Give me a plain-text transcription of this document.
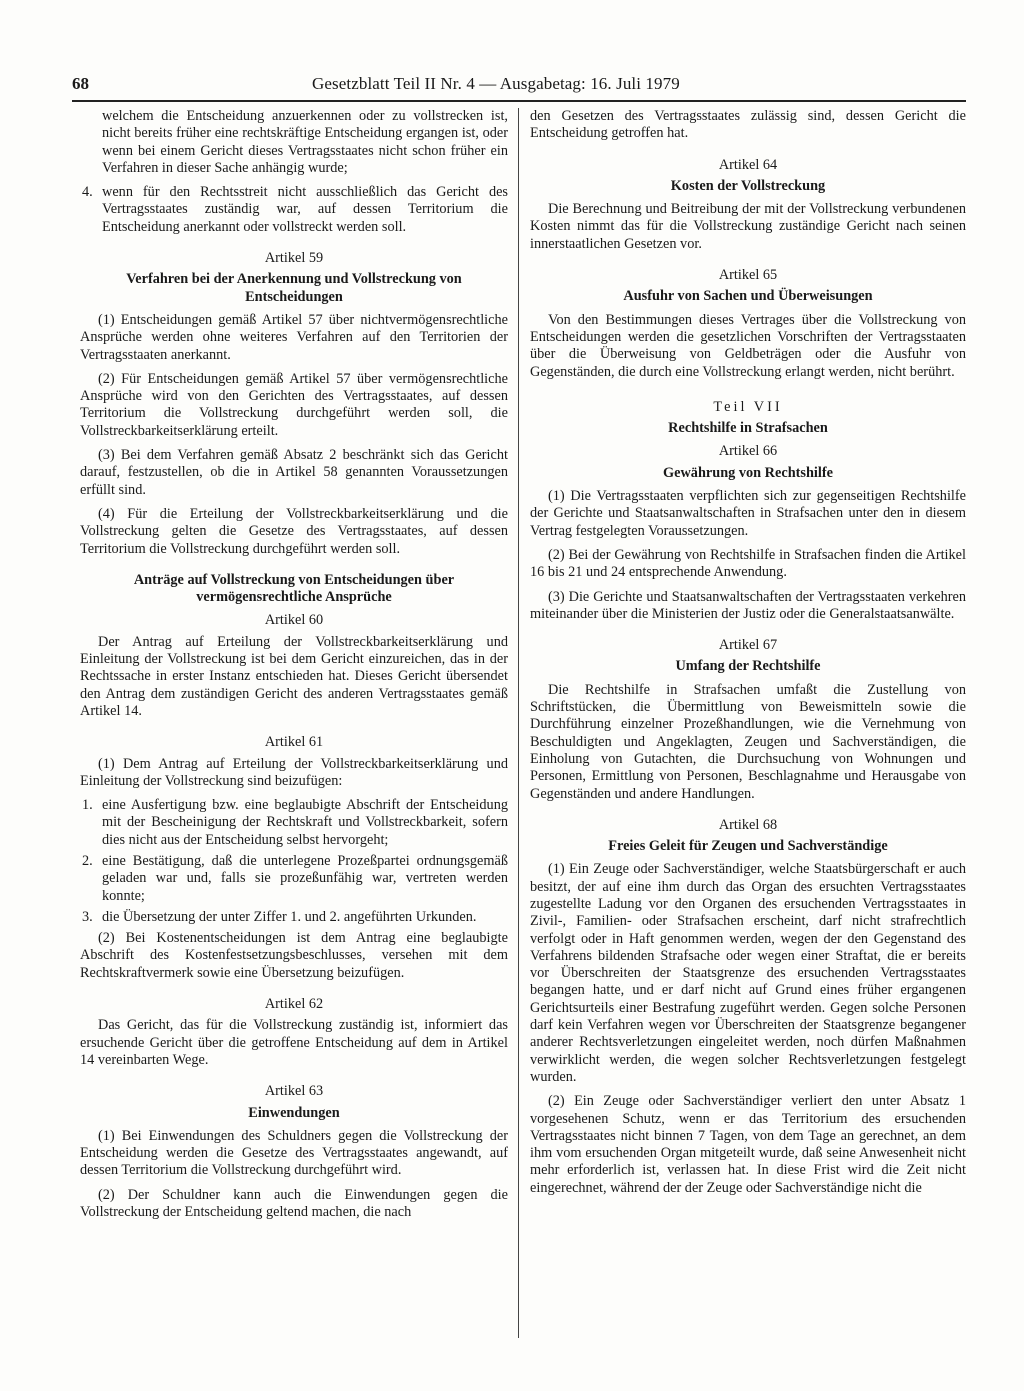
68	Gesetzblatt Teil II Nr. 4 — Ausgabetag: 16. Juli 1979

welchem die Entscheidung anzuerkennen oder zu vollstrecken ist, nicht bereits früher eine rechtskräftige Entscheidung ergangen ist, oder wenn bei einem Gericht dieses Vertragsstaates nicht schon früher ein Verfahren in dieser Sache anhängig wurde;

4. wenn für den Rechtsstreit nicht ausschließlich das Gericht des Vertragsstaates zuständig war, auf dessen Territorium die Entscheidung anerkannt oder vollstreckt werden soll.
Artikel 59
Verfahren bei der Anerkennung und Vollstreckung von Entscheidungen

(1) Entscheidungen gemäß Artikel 57 über nichtvermögensrechtliche Ansprüche werden ohne weiteres Verfahren auf den Territorien der Vertragsstaaten anerkannt.

(2) Für Entscheidungen gemäß Artikel 57 über vermögensrechtliche Ansprüche wird von den Gerichten des Vertragsstaates, auf dessen Territorium die Vollstreckung durchgeführt werden soll, die Vollstreckbarkeitserklärung erteilt.

(3) Bei dem Verfahren gemäß Absatz 2 beschränkt sich das Gericht darauf, festzustellen, ob die in Artikel 58 genannten Voraussetzungen erfüllt sind.

(4) Für die Erteilung der Vollstreckbarkeitserklärung und die Vollstreckung gelten die Gesetze des Vertragsstaates, auf dessen Territorium die Vollstreckung durchgeführt werden soll.

Anträge auf Vollstreckung von Entscheidungen über vermögensrechtliche Ansprüche
Artikel 60

Der Antrag auf Erteilung der Vollstreckbarkeitserklärung und Einleitung der Vollstreckung ist bei dem Gericht einzureichen, das in der Rechtssache in erster Instanz entschieden hat. Dieses Gericht übersendet den Antrag dem zuständigen Gericht des anderen Vertragsstaates gemäß Artikel 14.

Artikel 61

(1) Dem Antrag auf Erteilung der Vollstreckbarkeitserklärung und Einleitung der Vollstreckung sind beizufügen:

1. eine Ausfertigung bzw. eine beglaubigte Abschrift der Entscheidung mit der Bescheinigung der Rechtskraft und Vollstreckbarkeit, sofern dies nicht aus der Entscheidung selbst hervorgeht;
2. eine Bestätigung, daß die unterlegene Prozeßpartei ordnungsgemäß geladen war und, falls sie prozeßunfähig war, vertreten werden konnte;
3. die Übersetzung der unter Ziffer 1. und 2. angeführten Urkunden.

(2) Bei Kostenentscheidungen ist dem Antrag eine beglaubigte Abschrift des Kostenfestsetzungsbeschlusses, versehen mit dem Rechtskraftvermerk sowie eine Übersetzung beizufügen.

Artikel 62

Das Gericht, das für die Vollstreckung zuständig ist, informiert das ersuchende Gericht über die getroffene Entscheidung auf dem in Artikel 14 vereinbarten Wege.

Artikel 63
Einwendungen

(1) Bei Einwendungen des Schuldners gegen die Vollstreckung der Entscheidung werden die Gesetze des Vertragsstaates angewandt, auf dessen Territorium die Vollstreckung durchgeführt wird.

(2) Der Schuldner kann auch die Einwendungen gegen die Vollstreckung der Entscheidung geltend machen, die nach

den Gesetzen des Vertragsstaates zulässig sind, dessen Gericht die Entscheidung getroffen hat.

Artikel 64
Kosten der Vollstreckung

Die Berechnung und Beitreibung der mit der Vollstreckung verbundenen Kosten nimmt das für die Vollstreckung zuständige Gericht nach seinen innerstaatlichen Gesetzen vor.

Artikel 65
Ausfuhr von Sachen und Überweisungen

Von den Bestimmungen dieses Vertrages über die Vollstreckung von Entscheidungen werden die gesetzlichen Vorschriften der Vertragsstaaten über die Überweisung von Geldbeträgen oder die Ausfuhr von Gegenständen, die durch eine Vollstreckung erlangt werden, nicht berührt.

Teil VII
Rechtshilfe in Strafsachen
Artikel 66
Gewährung von Rechtshilfe

(1) Die Vertragsstaaten verpflichten sich zur gegenseitigen Rechtshilfe der Gerichte und Staatsanwaltschaften in Strafsachen unter den in diesem Vertrag festgelegten Voraussetzungen.

(2) Bei der Gewährung von Rechtshilfe in Strafsachen finden die Artikel 16 bis 21 und 24 entsprechende Anwendung.

(3) Die Gerichte und Staatsanwaltschaften der Vertragsstaaten verkehren miteinander über die Ministerien der Justiz oder die Generalstaatsanwälte.

Artikel 67
Umfang der Rechtshilfe

Die Rechtshilfe in Strafsachen umfaßt die Zustellung von Schriftstücken, die Übermittlung von Beweismitteln sowie die Durchführung einzelner Prozeßhandlungen, wie die Vernehmung von Beschuldigten und Angeklagten, Zeugen und Sachverständigen, die Einholung von Gutachten, die Durchsuchung von Wohnungen und Personen, Ermittlung von Personen, Beschlagnahme und Herausgabe von Gegenständen und andere Handlungen.

Artikel 68
Freies Geleit für Zeugen und Sachverständige

(1) Ein Zeuge oder Sachverständiger, welche Staatsbürgerschaft er auch besitzt, der auf eine ihm durch das Organ des ersuchten Vertragsstaates zugestellte Ladung vor den Organen des ersuchenden Vertragsstaates in Zivil-, Familien- oder Strafsachen erscheint, darf nicht strafrechtlich verfolgt oder in Haft genommen werden, wegen der den Gegenstand des Verfahrens bildenden Strafsache oder wegen einer Straftat, die er bereits vor Überschreiten der Staatsgrenze des ersuchenden Vertragsstaates begangen hatte, und er darf nicht auf Grund eines früher ergangenen Gerichtsurteils einer Bestrafung zugeführt werden. Gegen solche Personen darf kein Verfahren wegen vor Überschreiten der Staatsgrenze begangener anderer Rechtsverletzungen eingeleitet werden, noch dürfen Maßnahmen verwirklicht werden, die wegen solcher Rechtsverletzungen festgelegt wurden.

(2) Ein Zeuge oder Sachverständiger verliert den unter Absatz 1 vorgesehenen Schutz, wenn er das Territorium des ersuchenden Vertragsstaates nicht binnen 7 Tagen, von dem Tage an gerechnet, an dem ihm vom ersuchenden Organ mitgeteilt wurde, daß seine Anwesenheit nicht mehr erforderlich ist, verlassen hat. In diese Frist wird die Zeit nicht eingerechnet, während der der Zeuge oder Sachverständige nicht die
